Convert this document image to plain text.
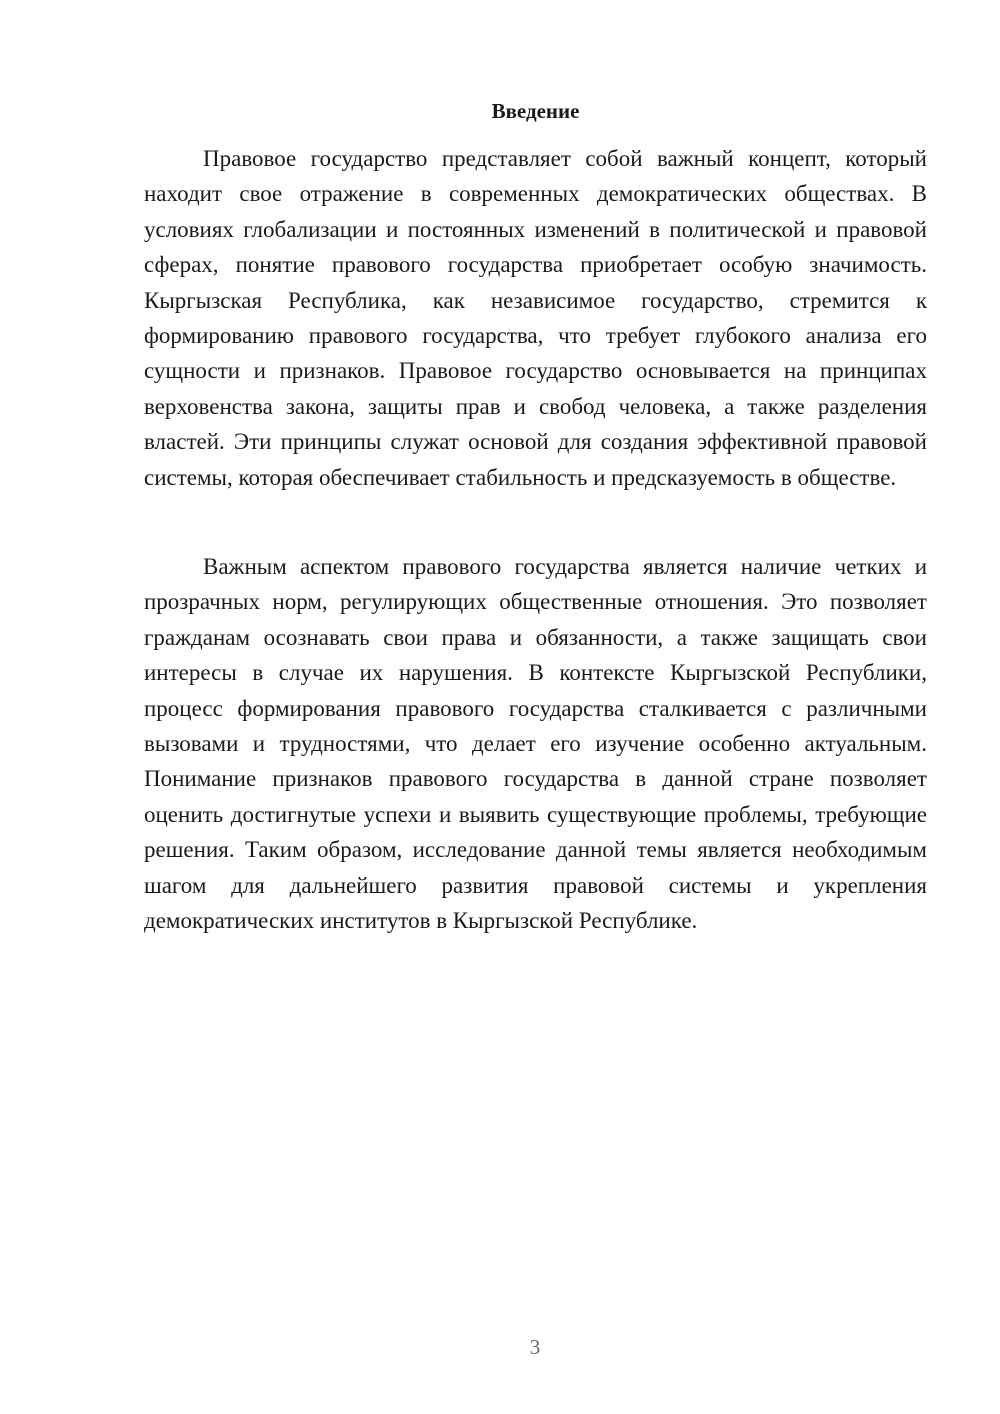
Введение

Правовое государство представляет собой важный концепт, который находит свое отражение в современных демократических обществах. В условиях глобализации и постоянных изменений в политической и правовой сферах, понятие правового государства приобретает особую значимость. Кыргызская Республика, как независимое государство, стремится к формированию правового государства, что требует глубокого анализа его сущности и признаков. Правовое государство основывается на принципах верховенства закона, защиты прав и свобод человека, а также разделения властей. Эти принципы служат основой для создания эффективной правовой системы, которая обеспечивает стабильность и предсказуемость в обществе.

Важным аспектом правового государства является наличие четких и прозрачных норм, регулирующих общественные отношения. Это позволяет гражданам осознавать свои права и обязанности, а также защищать свои интересы в случае их нарушения. В контексте Кыргызской Республики, процесс формирования правового государства сталкивается с различными вызовами и трудностями, что делает его изучение особенно актуальным. Понимание признаков правового государства в данной стране позволяет оценить достигнутые успехи и выявить существующие проблемы, требующие решения. Таким образом, исследование данной темы является необходимым шагом для дальнейшего развития правовой системы и укрепления демократических институтов в Кыргызской Республике.

3
